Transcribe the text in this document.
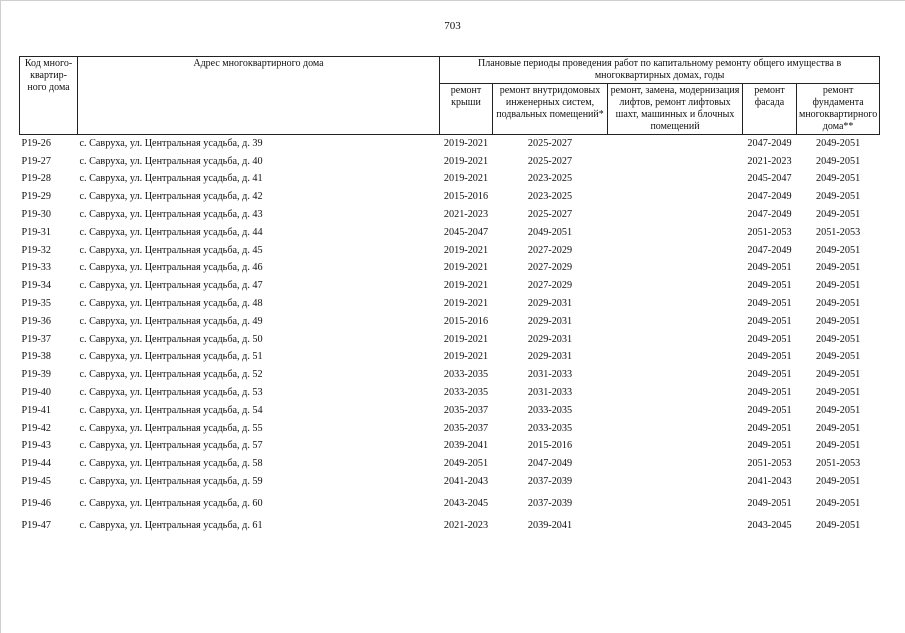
703
Код много-квартир-ного дома	Адрес многоквартирного дома	Плановые периоды проведения работ по капитальному ремонту общего имущества в многоквартирных домах, годы				
		ремонт крыши	ремонт внутридомовых инженерных систем, подвальных помещений*	ремонт, замена, модернизация лифтов, ремонт лифтовых шахт, машинных и блочных помещений	ремонт фасада	ремонт фундамента многоквартирного дома**
Р19-26	с. Савруха, ул. Центральная усадьба, д. 39	2019-2021	2025-2027		2047-2049	2049-2051
Р19-27	с. Савруха, ул. Центральная усадьба, д. 40	2019-2021	2025-2027		2021-2023	2049-2051
Р19-28	с. Савруха, ул. Центральная усадьба, д. 41	2019-2021	2023-2025		2045-2047	2049-2051
Р19-29	с. Савруха, ул. Центральная усадьба, д. 42	2015-2016	2023-2025		2047-2049	2049-2051
Р19-30	с. Савруха, ул. Центральная усадьба, д. 43	2021-2023	2025-2027		2047-2049	2049-2051
Р19-31	с. Савруха, ул. Центральная усадьба, д. 44	2045-2047	2049-2051		2051-2053	2051-2053
Р19-32	с. Савруха, ул. Центральная усадьба, д. 45	2019-2021	2027-2029		2047-2049	2049-2051
Р19-33	с. Савруха, ул. Центральная усадьба, д. 46	2019-2021	2027-2029		2049-2051	2049-2051
Р19-34	с. Савруха, ул. Центральная усадьба, д. 47	2019-2021	2027-2029		2049-2051	2049-2051
Р19-35	с. Савруха, ул. Центральная усадьба, д. 48	2019-2021	2029-2031		2049-2051	2049-2051
Р19-36	с. Савруха, ул. Центральная усадьба, д. 49	2015-2016	2029-2031		2049-2051	2049-2051
Р19-37	с. Савруха, ул. Центральная усадьба, д. 50	2019-2021	2029-2031		2049-2051	2049-2051
Р19-38	с. Савруха, ул. Центральная усадьба, д. 51	2019-2021	2029-2031		2049-2051	2049-2051
Р19-39	с. Савруха, ул. Центральная усадьба, д. 52	2033-2035	2031-2033		2049-2051	2049-2051
Р19-40	с. Савруха, ул. Центральная усадьба, д. 53	2033-2035	2031-2033		2049-2051	2049-2051
Р19-41	с. Савруха, ул. Центральная усадьба, д. 54	2035-2037	2033-2035		2049-2051	2049-2051
Р19-42	с. Савруха, ул. Центральная усадьба, д. 55	2035-2037	2033-2035		2049-2051	2049-2051
Р19-43	с. Савруха, ул. Центральная усадьба, д. 57	2039-2041	2015-2016		2049-2051	2049-2051
Р19-44	с. Савруха, ул. Центральная усадьба, д. 58	2049-2051	2047-2049		2051-2053	2051-2053
Р19-45	с. Савруха, ул. Центральная усадьба, д. 59	2041-2043	2037-2039		2041-2043	2049-2051
Р19-46	с. Савруха, ул. Центральная усадьба, д. 60	2043-2045	2037-2039		2049-2051	2049-2051
Р19-47	с. Савруха, ул. Центральная усадьба, д. 61	2021-2023	2039-2041		2043-2045	2049-2051
